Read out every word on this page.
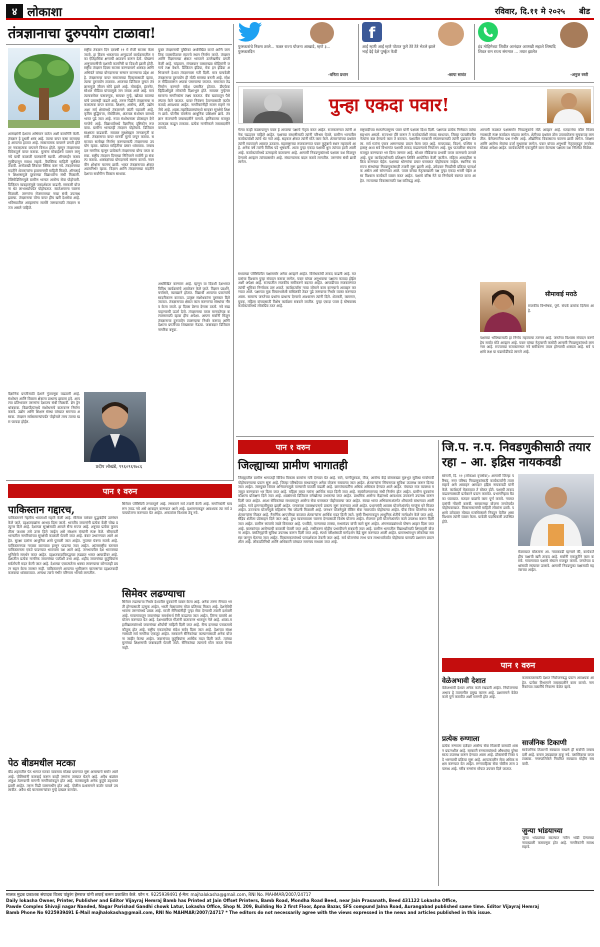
४ लोकाशा	रविवार, दि.११ मे २०२५ बीड
तंत्रज्ञानाचा दुरुपयोग टाळावा!
राष्ट्रीय तंत्रज्ञान दिन दरवर्षी ११ मे रोजी साजरा केला जातो. हा दिवस भारताच्या अणुऊर्जा कार्यक्रमातील एका ऐतिहासिक क्षणाची आठवण करून देतो. पोखरण अणुचाचणीची यशस्वी कामगिरी या दिवशी झाली होती. राष्ट्रीय तंत्रज्ञान दिवस साजरा करण्यामागे शास्त्रज्ञ आणि अभियंते यांच्या योगदानाचा सन्मान करण्याचा उद्देश आहे. तंत्रज्ञानाचा वापर समाजाच्या विकासासाठी व्हावा, त्याचा दुरुपयोग टाळावा. आजच्या डिजिटल युगात तंत्रज्ञानामुळे जीवन सोपे झाले आहे. मोबाईल, इंटरनेट, सोशल मीडिया यांच्यामुळे जग जवळ आले आहे. मात्र त्याचबरोबर फसवणूक, सायबर गुन्हे, खोट्या बातम्या यांचे प्रमाणही वाढले आहे. तरुण पिढीने तंत्रज्ञानाचा सकारात्मक वापर करावा. शिक्षण, आरोग्य, शेती, उद्योग अशा सर्व क्षेत्रांमध्ये तंत्रज्ञानाने क्रांती घडवली आहे. कृत्रिम बुद्धिमत्ता, रोबोटिक्स, अंतराळ संशोधन यामध्ये भारत पुढे जात आहे. नव्या संशोधनाला प्रोत्साहन देणे गरजेचे आहे. विद्यार्थ्यांमध्ये वैज्ञानिक दृष्टिकोन रुजवावा. ग्रामीण भागातही तंत्रज्ञान पोहोचावे. डिजिटल साक्षरता वाढवावी. सायबर सुरक्षेबद्दल जनजागृती करावी. तंत्रज्ञानाचा वापर मानवी मूल्ये जपून करावा. समाजात सलोखा निर्माण करण्यासाठी तंत्रज्ञानाचा उपयोग व्हावा. खोट्या माहितीचा प्रसार थांबवावा. जबाबदार नागरिक म्हणून प्रत्येकाने तंत्रज्ञानाचा योग्य वापर करावा. राष्ट्रीय तंत्रज्ञान दिनाच्या निमित्ताने सर्वांनी हा संकल्प करावा. शास्त्रज्ञांच्या योगदानाचे स्मरण करावे. नवनवीन शोधांना चालना द्यावी. भारत तंत्रज्ञानाच्या क्षेत्रात आत्मनिर्भर व्हावा. विज्ञान आणि तंत्रज्ञानाच्या मदतीने देशाचा सर्वांगीण विकास साधावा.
शास्त्रज्ञांनी देशाला अभिमान वाटेल अशी कामगिरी केली. तंत्रज्ञान हे दुधारी शस्त्र आहे. त्याचा वापर कसा करायचा हे आपल्या हातात आहे. सकारात्मक वापराने प्रगती होते तर नकारात्मक वापराने विनाश होतो. म्हणून तंत्रज्ञानाचा विवेकपूर्ण वापर करावा. मुलांना मोबाईलचे व्यसन लागू नये याची काळजी पालकांनी घ्यावी. ऑनलाईन फसवणुकीपासून सावध राहावे. वैयक्तिक माहिती सुरक्षित ठेवावी. अनोळखी लिंकवर क्लिक करू नये. तंत्रज्ञानाच्या मदतीने शेतकऱ्यांना हवामानाची माहिती मिळते. ऑनलाईन शिक्षणामुळे दूरवरच्या विद्यार्थ्यांना संधी मिळाली. टेलिमेडिसिनमुळे ग्रामीण भागात आरोग्य सेवा पोहोचली. डिजिटल व्यवहारांमुळे पारदर्शकता वाढली. सरकारी योजना थेट लाभार्थ्यांपर्यंत पोहोचतात. स्टार्टअप्सना चालना मिळाली. तरुणांना रोजगाराच्या नव्या संधी उपलब्ध झाल्या. तंत्रज्ञानाचा योग्य वापर हीच खरी देशसेवा आहे. भविष्यातील आव्हानांना सामोरे जाण्यासाठी तंत्रज्ञान सज्ज असले पाहिजे.
युक्त तंत्रज्ञानाची पुस्तिका अधोरेखित करते आणि जागतिक व्यासपीठावर स्वतःचे स्थान निर्माण करते. तंत्रज्ञान आणि विज्ञानाच्या क्षेत्रात भारताने उल्लेखनीय प्रगती केली आहे. चांद्रयान, मंगळयान यासारख्या मोहिमांनी जगाचे लक्ष वेधले. डिजिटल इंडिया, मेक इन इंडिया अभियानाने देशात तंत्रज्ञानाला गती दिली. मात्र याचवेळी तंत्रज्ञानाचा दुरुपयोग ही मोठी समस्या बनली आहे. सोशल मीडियावरून अफवा पसरवल्या जातात. समाजात तेढ निर्माण करणारे संदेश प्रसारित होतात. डीपफेक व्हिडिओंमुळे लोकांची दिशाभूल होते. सायबर गुन्हेगार सामान्य नागरिकांना लक्ष्य करतात. बँक खात्यातून पैसे लंपास केले जातात. यावर नियंत्रण ठेवण्यासाठी कठोर कायदे आवश्यक आहेत. नागरिकांनीही सजग राहणे गरजेचे आहे. शाळा-महाविद्यालयांमध्ये सायबर सुरक्षेचे शिक्षण द्यावे. पोलीस यंत्रणेला आधुनिक प्रशिक्षण द्यावे. तंत्रज्ञान कंपन्यांनी जबाबदारीने वागावे. हानिकारक मजकूर तात्काळ काढून टाकावा. प्रत्येक नागरिकाने जबाबदारीने वागावे.
प्रदीप लोखंडे, ९९६०९६९७८६
वैज्ञानिक प्रगतीसाठी देशाने गुंतवणूक वाढवली आहे. संशोधन आणि विकास क्षेत्राला प्राधान्य द्यायला हवे. आपल्या प्रतिभावान तरुणांना देशातच संधी मिळावी. ब्रेन ड्रेन थांबवावा. विद्यापीठांमध्ये संशोधनाचे वातावरण निर्माण करावे. उद्योग आणि शिक्षण संस्था यांच्यात समन्वय असावा. तंत्रज्ञान सर्वसामान्यांपर्यंत पोहोचले तरच त्याचा खरा फायदा होईल.
अधोरेखित करणारा आहे. म्हणून या दिवशी देशभरात विविध कार्यक्रमांचे आयोजन केले जाते. विज्ञान प्रदर्शने, चर्चासत्रे, व्याख्याने होतात. विद्यार्थी आपल्या प्रकल्पांचे सादरीकरण करतात. उत्कृष्ट संशोधकांना पुरस्कार दिले जातात. तंत्रज्ञानाच्या क्षेत्रात काम करणाऱ्या संस्थांचा गौरव केला जातो. हा दिवस प्रेरणा देणारा ठरतो. नवे स्वप्न पाहण्याची ऊर्जा देतो. तंत्रज्ञानाचा वापर मानवतेच्या कल्याणासाठी व्हावा हीच अपेक्षा. आपण सर्वांनी मिळून तंत्रज्ञानाचा दुरुपयोग टाळण्याचा निर्धार करूया आणि देशाला प्रगतीच्या शिखरावर नेऊया. जबाबदार डिजिटल नागरिक बनूया.
पुरस्कारांचे निकष ठरले... फक्त राज्य योजना आखाडे, म्हणे ३... पुरस्कारदिन
-वनिता प्रधान
f
आई म्हणी आई म्हणे पोटात फुगे ठेरे ठेरे भेटले झाले भाई देई देशे पुर्ष्कृत फेवी
-छाया सावंत
हंद मोहिमेच्या जिवीत आनंदात आणखी सहाशे शिष्यदि शिवत राम राज्य संगमात ... तयार झालेत
-अनुज रस्ती
पुन्हा एकदा पवार!
गेल्या काही काळापासून पवार हे आपल्या पक्षाचे नेतृत्व करत आहेत. राजकारणात त्यांनी अनेक चढउतार पाहिले आहेत. पक्षाच्या बांधणीसाठी त्यांनी परिश्रम घेतले. ग्रामीण भागातील कार्यकर्त्यांशी त्यांचे थेट नाते आहे. सहकार क्षेत्रात त्यांनी मोठे काम केले. शेतकऱ्यांच्या प्रश्नांवर त्यांनी सातत्याने आवाज उठवला. महाराष्ट्राच्या राजकारणात पवार कुटुंबाचे स्थान महत्त्वाचे आहे. अनेक वर्षे त्यांनी विविध पदे भूषवली. आता पुन्हा एकदा पक्षाची धुरा त्यांच्या हाती आली आहे. कार्यकर्त्यांमध्ये उत्साहाचे वातावरण आहे. आगामी निवडणुकांमध्ये पक्षाला यश मिळवून देण्याचे आव्हान त्यांच्यासमोर आहे. संघटनात्मक बदल करावे लागतील. तरुणांना संधी द्यावी लागेल.
सध्याच्या परिस्थितीत पक्षासमोर अनेक आव्हाने आहेत. विरोधकांची ताकद वाढली आहे. मतदारांचा विश्वास पुन्हा संपादन करावा लागेल. पवार यांच्या अनुभवाचा पक्षाला फायदा होईल अशी अपेक्षा आहे. राज्यातील राजकीय समीकरणे बदलत आहेत. आघाडीच्या राजकारणात त्यांची भूमिका निर्णायक ठरू शकते. कार्यकर्त्यांना नव्या जोमाने काम करण्याचे आवाहन करण्यात आले. पक्षाच्या मूळ विचारधारेशी बांधिलकी ठेवत पुढे जाण्याचा निर्धार व्यक्त करण्यात आला. सामान्य जनतेच्या प्रश्नांना प्राधान्य देण्याचे आश्वासन त्यांनी दिले. शेतकरी, कामगार, युवक, महिला यांच्यासाठी विशेष कार्यक्रम राबवले जातील. पुन्हा एकदा पवार हे घोषवाक्य कार्यकर्त्यांमध्ये लोकप्रिय ठरत आहे.
राष्ट्रवादीच्या स्थापनेपासूनच पवार यांनी पक्षाला दिशा दिली. पक्षाच्या प्रत्येक निर्णयात त्यांचा सहभाग असतो. राज्यभर दौरे करून ते कार्यकर्त्यांशी संवाद साधतात. जिल्हा पातळीवरील नेत्यांना बळ देण्याचे काम ते करतात. पक्षातील गटबाजी संपवण्यासाठी त्यांनी पुढाकार घेतला. सर्व गटांना एकत्र आणण्याचा प्रयत्न केला जात आहे. मराठवाडा, विदर्भ, पश्चिम महाराष्ट्र अशा सर्व विभागांत पक्षाची ताकद वाढवण्याचे नियोजन आहे. बूथ पातळीवर संघटना मजबूत करण्यावर भर दिला जाणार आहे. सोशल मीडियाचा प्रभावी वापर करण्याचे ठरवले आहे. युवा कार्यकर्त्यांसाठी प्रशिक्षण शिबिरे आयोजित केली जातील. महिला आघाडीला सक्रिय करण्यात येईल. पक्षाच्या धोरणांचा प्रचार घराघरात पोहोचवला जाईल. स्थानिक स्वराज्य संस्थांच्या निवडणुकांसाठी तयारी सुरू झाली आहे. उमेदवार निवडीची प्रक्रिया पारदर्शक असेल असे सांगण्यात आले. पवार यांच्या नेतृत्वाखाली पक्ष पुन्हा एकदा भरारी घेईल असा विश्वास कार्यकर्ते व्यक्त करत आहेत. पक्षाचे वरिष्ठ नेते या निर्णयाचे स्वागत करत आहेत. राज्याच्या विकासासाठी पक्ष कटिबद्ध आहे.
आगामी काळात पक्षासमोर निवडणुकांचे मोठे आव्हान आहे. मतदारांचा कौल मिळवण्यासाठी स्पष्ट कार्यक्रम मांडावा लागेल. शेतीच्या प्रश्नांवर ठोस उपाययोजना सुचवाव्या लागतील. बेरोजगारीचा प्रश्न गंभीर आहे. औद्योगिक विकासाला चालना द्यावी लागेल. शिक्षण आणि आरोग्य सेवांचा दर्जा सुधारावा लागेल. पवार यांच्या अनुभवी नेतृत्वाकडून जनतेला मोठ्या अपेक्षा आहेत. कार्यकर्त्यांनी एकजुटीने काम केल्यास पक्षाला यश निश्चित मिळेल.
सीमावाई मराठे
राजकीय विश्लेषक, पुणे. संपर्क क्रमांक दिलेला आहे.
पक्षाच्या भविष्यासाठी हा निर्णय महत्त्वाचा ठरणार आहे. जनतेचा विश्वास संपादन करणे हेच सर्वात मोठे आव्हान आहे. पवार यांच्या नेतृत्वाची कसोटी आगामी निवडणुकांमध्ये लागणार आहे. राज्याच्या राजकारणात नवे समीकरण तयार होण्याची शक्यता आहे. सर्व पक्षांचे लक्ष या घडामोडींकडे लागले आहे.
पान १ वरुन
जिल्ह्याच्या प्रामीण भागातही
जिल्ह्यातील ग्रामीण भागातही विविध विकास कामांना गती देण्यात येत आहे. रस्ते, पाणीपुरवठा, वीज, आरोग्य केंद्रे यांसारख्या मूलभूत सुविधा गावोगावी पोहोचवण्याचा प्रयत्न सुरू आहे. जिल्हा परिषदेच्या माध्यमातून अनेक योजना राबवल्या जात आहेत. शेतकऱ्यांना सिंचनाच्या सुविधा उपलब्ध करून दिल्या जात आहेत. जलयुक्त शिवार अभियानामुळे पाण्याची पातळी वाढली आहे. ग्रामपंचायतींना अधिक अधिकार देण्यात आले आहेत. पंचायत राज व्यवस्था मजबूत करण्यावर भर दिला जात आहे. महिला बचत गटांना आर्थिक मदत दिली जात आहे. स्वयंरोजगाराच्या संधी निर्माण होत आहेत. ग्रामीण युवकांना कौशल्य प्रशिक्षण दिले जात आहे. शाळांमध्ये डिजिटल वर्गखोल्या उभारल्या जात आहेत. प्राथमिक आरोग्य केंद्रांमध्ये आवश्यक उपकरणे उपलब्ध करून दिली जात आहेत. आशा सेविकांच्या माध्यमातून आरोग्य सेवा घराघरात पोहोचवल्या जात आहेत. स्वच्छ भारत अभियानाअंतर्गत शौचालये बांधण्यात आली आहेत. गावे हागणदारीमुक्त झाली आहेत. घनकचरा व्यवस्थापनाचे प्रकल्प सुरू करण्यात आले आहेत. प्रधानमंत्री आवास योजनेअंतर्गत गरजूंना घरे मिळत आहेत. उज्ज्वला योजनेमुळे महिलांना गॅस जोडणी मिळाली आहे. जनधन योजनेमुळे बँकिंग सेवा गावापर्यंत पोहोचल्या आहेत. पीक विमा योजनेचा लाभ शेतकऱ्यांना मिळत आहे. नैसर्गिक आपत्तीच्या काळात शेतकऱ्यांना आर्थिक मदत दिली जाते. कृषी विभागाकडून आधुनिक शेतीचे मार्गदर्शन केले जात आहे. सेंद्रिय शेतीला प्रोत्साहन दिले जात आहे. दुग्ध व्यवसायाला चालना देण्यासाठी विशेष योजना आहेत. रोजगार हमी योजनेअंतर्गत कामे उपलब्ध करून दिली जात आहेत. ग्रामीण रस्त्यांचे जाळे विस्तारत आहे. पथदिवे, पाण्याच्या टाक्या, सभामंडप यांची कामे सुरू आहेत. अंगणवाड्यांमध्ये पोषण आहार दिला जात आहे. बालकांच्या आरोग्याची काळजी घेतली जात आहे. लसीकरण मोहीम प्रभावीपणे राबवली जात आहे. ग्रामीण भागातील विद्यार्थ्यांसाठी शिष्यवृत्ती योजना आहेत. वसतिगृहांची सुविधा उपलब्ध करून दिली जात आहे. स्पर्धा परीक्षांसाठी मार्गदर्शन केंद्रे सुरू करण्यात आली आहेत. ग्रामसभांमधून लोकांच्या समस्या जाणून घेतल्या जात आहेत. विकासकामांमध्ये पारदर्शकता ठेवली जात आहे. सर्व योजनांचा लाभ पात्र लाभार्थ्यांपर्यंत पोहोचावा यासाठी प्रशासन प्रयत्नशील आहे. लोकप्रतिनिधी आणि अधिकारी यांच्यात समन्वय साधला जात आहे.
जि.प. न.प. निवडणुकीसाठी तयार रहा – आ. इद्रिस नायकवडी
सांगली, दि. ११ (लोकाशा वृत्तसेवा): आगामी जिल्हा परिषद, नगर परिषद निवडणुकांसाठी कार्यकर्त्यांनी तयार राहावे असे आवाहन आमदार इद्रिस नायकवडी यांनी केले. कार्यकर्ता मेळाव्यात ते बोलत होते. पक्षाची ताकद वाढवण्यासाठी प्रत्येकाने प्रयत्न करावेत. प्रभागनिहाय बैठका घ्याव्यात. मतदार याद्यांचे काम पूर्ण करावे. नवमतदारांची नोंदणी करावी. सरकारच्या योजना जनतेपर्यंत पोहोचवाव्यात. विकासकामांची माहिती लोकांना द्यावी. पक्षाचे उमेदवार मोठ्या मताधिक्याने निवडून येतील असा विश्वास त्यांनी व्यक्त केला. यावेळी पदाधिकारी उपस्थित होते.
मेळाव्यात बोलताना आ. नायकवडी म्हणाले की, कार्यकर्ते हीच पक्षाची खरी ताकद आहे. सर्वांनी एकजुटीने काम करावे. गावागावात पक्षाचे संघटन मजबूत करावे. जनतेच्या प्रश्नांसाठी रस्त्यावर उतरावे. आगामी निवडणुका पक्षासाठी महत्त्वाच्या आहेत.
पान १ वरुन
वेळेअभावी देशात
वेळेअभावी देशात अनेक कामे रखडली आहेत. नियोजनाचा अभाव हे त्यामागील प्रमुख कारण आहे. प्रशासनाने वेळेत कामे पूर्ण करावीत अशी मागणी होत आहे.
प्रत्येक रुग्णाला
प्रत्येक रुग्णाला दर्जेदार आरोग्य सेवा मिळावी यासाठी शासन प्रयत्नशील आहे. सरकारी रुग्णालयांमध्ये औषधांचा पुरेसा साठा उपलब्ध करून देण्यात आला आहे. डॉक्टरांची रिक्त पदे भरण्याची प्रक्रिया सुरू आहे. आपत्कालीन सेवा अधिक सक्षम करण्यात येत आहेत. रुग्णवाहिका सेवा चोवीस तास उपलब्ध आहे. गरीब रुग्णांना मोफत उपचार दिले जातात.
कामकाजासाठी देशात नियोजनबद्ध प्रयत्न आवश्यक आहेत. प्रत्येक विभागाने जबाबदारीने काम करावे. नागरिकांच्या तक्रारींचे निवारण वेळेत व्हावे.
सार्जनिक टिकाणी
सार्वजनिक ठिकाणी स्वच्छता राखणे ही सर्वांची जबाबदारी आहे. कचरा उघड्यावर टाकू नये. प्लास्टिकचा वापर टाळावा. नगरपालिकेने नियमित स्वच्छता मोहीम राबवावी.
जुन्या भांडयाच्या
जुन्या भांड्यांच्या बदल्यात नवीन भांडी देण्याच्या नावाखाली फसवणूक होत आहे. नागरिकांनी सावध राहावे.
पान १ वरुन
पाकिस्तान गद्दारच,
पाकिस्तानने नेहमीच भारताशी गद्दारी केली आहे. सीमेवर वारंवार युद्धबंदीचे उल्लंघन केले जाते. दहशतवाद्यांना आश्रय दिला जातो. भारतीय जवानांनी प्रत्येक वेळी चोख प्रत्युत्तर दिले आहे. देशाच्या सुरक्षेसाठी आपले सैन्य सज्ज आहे. शत्रूच्या प्रत्येक कुरापतीला जशास तसे उत्तर दिले जाईल असे संरक्षण मंत्र्यांनी स्पष्ट केले. सीमावर्ती भागातील नागरिकांच्या सुरक्षेची काळजी घेतली जात आहे. बंकर उभारण्यात आले आहेत. सुरक्षा दलांना आधुनिक शस्त्रे पुरवली जात आहेत. गुप्तचर यंत्रणा सतर्क आहे. पाकिस्तानच्या नापाक कारवाया हाणून पाडल्या जात आहेत. आंतरराष्ट्रीय स्तरावर पाकिस्तानला एकटे पाडण्यात भारताला यश आले आहे. जगभरातील देश भारताच्या भूमिकेचे समर्थन करत आहेत. दहशतवादाविरुद्धच्या लढ्यात भारत आघाडीवर आहे. देशातील प्रत्येक नागरिक जवानांच्या पाठीशी उभा आहे. शहीद जवानांच्या कुटुंबियांना सर्वतोपरी मदत केली जात आहे. देशाच्या एकात्मतेला धक्का लावण्याचा कोणताही प्रयत्न सहन केला जाणार नाही. पाकिस्तानने आपल्या भूमीवरून चालणाऱ्या दहशतवादी कारवाया थांबवाव्यात. अन्यथा त्याचे गंभीर परिणाम भोगावे लागतील.
पेठ बीडमधील मटका
बीड शहरातील पेठ भागात मटका व्यवसाय मोठ्या प्रमाणात सुरू असल्याचे समोर आले आहे. पोलिसांनी कारवाई करून काही जणांना ताब्यात घेतले आहे. अवैध धंद्यांवर अंकुश ठेवण्याची मागणी नागरिकांकडून होत आहे. मटक्यामुळे अनेक कुटुंबे उद्ध्वस्त झाली आहेत. तरुण पिढी व्यसनाधीन होत आहे. पोलीस प्रशासनाने कठोर पावले उचलावीत. अवैध धंदे चालवणाऱ्यांवर गुन्हे दाखल करावेत.
सिमेवर परिस्थिती तणावपूर्ण आहे. लष्कराने सर्व तयारी केली आहे. नागरिकांनी घाबरून जाऊ नये असे आवाहन करण्यात आले आहे. प्रशासनाकडून आवश्यक त्या सर्व उपाययोजना करण्यात येत आहेत. अफवांवर विश्वास ठेवू नये.
सिमेवर लढण्याचा
सिमेवर लढण्याचा निर्धार देशातील युवकांनी व्यक्त केला आहे. अनेक तरुण सैन्यात भरती होण्यासाठी उत्सुक आहेत. भरती मेळाव्यांना मोठा प्रतिसाद मिळत आहे. देशसेवेची भावना तरुणांमध्ये प्रबळ आहे. माजी सैनिकांनीही पुन्हा सेवा देण्याची तयारी दर्शवली आहे. गावागावातून जवानांच्या समर्थनार्थ रॅली काढल्या जात आहेत. तिरंगा यात्रांचे आयोजन करण्यात येत आहे. देशभक्तीपर गीतांनी वातावरण भारावून गेले आहे. शाळा-महाविद्यालयांमध्ये जवानांच्या शौर्याची माहिती दिली जात आहे. सैन्य दलाच्या पराक्रमाचे कौतुक होत आहे. राष्ट्रीय एकात्मतेचा संदेश सर्वत्र दिला जात आहे. देशाच्या संरक्षणासाठी सर्व नागरिक एकजूट आहेत. सरकारने सैनिकांच्या कल्याणासाठी अनेक योजना जाहीर केल्या आहेत. जवानांच्या कुटुंबियांना आर्थिक मदत दिली जाते. त्यांच्या मुलांच्या शिक्षणाची जबाबदारी घेतली जाते. सैनिकांच्या त्यागाचे मोल करता येणार नाही.
मालक मुद्रक प्रकाशक संपादक विजय पांडुरंग हेमराज यांनी छपाई करून प्रकाशित केले. फोन न. 9225939491 ई-मेल: majhalokasha@gmail.com, RNI No. MAHMAR/2007/24717
Daily lokasha Owner, Printer, Publisher and Editor Vijayraj Hemraj Bamb has Printed at Jain Offset Printers, Bamb Road, Mondha Road Beed, near Jain Prasanath, Beed 431122 Lokasha Office,
Pawde Complex Shivaji nagar Nanded, Nagar Parishad Gandhi chowk Latur, Lokasha Office, Shop N. 209, Building No 2 first Floor, Apna Bazar, SFS compund Jalna Road, Aurangabad published same time. Editor Vijayraj Hemraj
Bamb Phone No 9225939491 E-Mail majhalokasha@gmail.com, RNI No MAHMAR/2007/24717 * The editors do not necessarily agree with the views expressed in the news and articles published in this issue.
